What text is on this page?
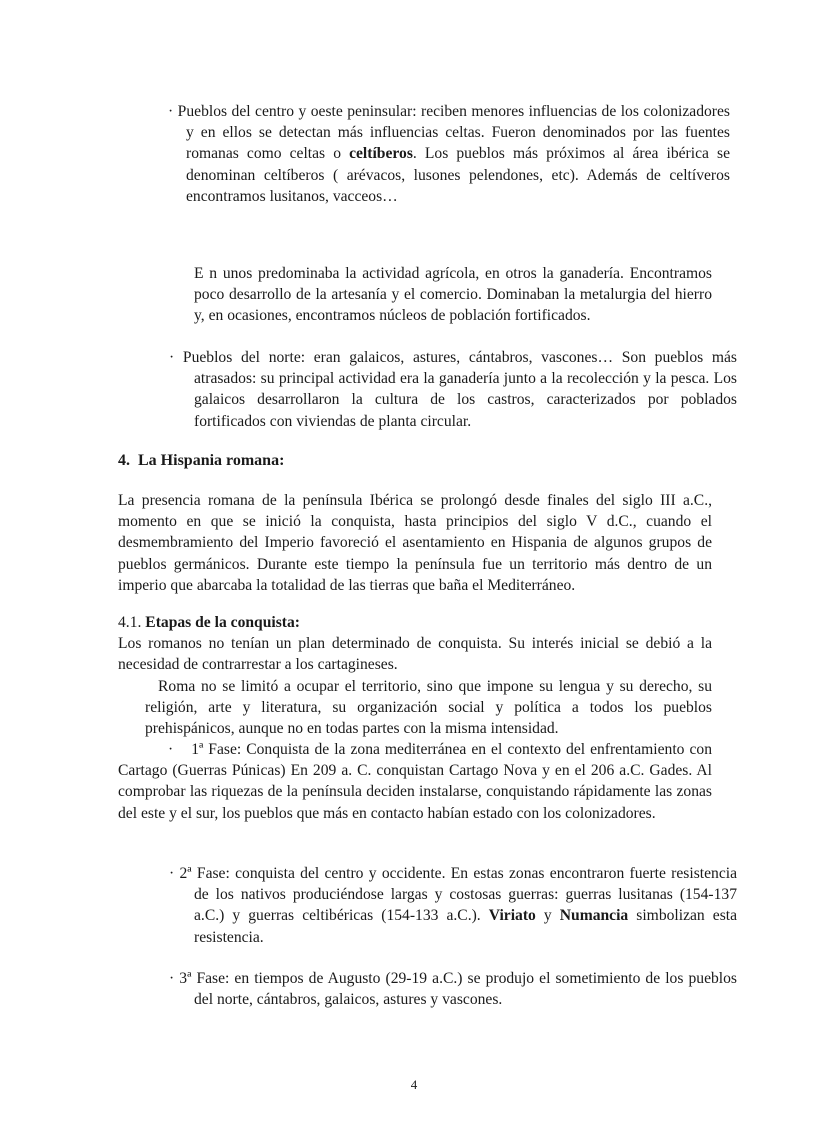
· Pueblos del centro y oeste peninsular: reciben menores influencias de los colonizadores y en ellos se detectan más influencias celtas. Fueron denominados por las fuentes romanas como celtas o celtíberos. Los pueblos más próximos al área ibérica se denominan celtíberos ( arévacos, lusones pelendones, etc). Además de celtíveros encontramos lusitanos, vacceos…
E n unos predominaba la actividad agrícola, en otros la ganadería. Encontramos poco desarrollo de la artesanía y el comercio. Dominaban la metalurgia del hierro y, en ocasiones, encontramos núcleos de población fortificados.
· Pueblos del norte: eran galaicos, astures, cántabros, vascones… Son pueblos más atrasados: su principal actividad era la ganadería junto a la recolección y la pesca. Los galaicos desarrollaron la cultura de los castros, caracterizados por poblados fortificados con viviendas de planta circular.
4.  La Hispania romana:
La presencia romana de la península Ibérica se prolongó desde finales del siglo III a.C., momento en que se inició la conquista, hasta principios del siglo V d.C., cuando el desmembramiento del Imperio favoreció el asentamiento en Hispania de algunos grupos de pueblos germánicos. Durante este tiempo la península fue un territorio más dentro de un imperio que abarcaba la totalidad de las tierras que baña el Mediterráneo.
4.1. Etapas de la conquista:
Los romanos no tenían un plan determinado de conquista. Su interés inicial se debió a la necesidad de contrarrestar a los cartagineses.
Roma no se limitó a ocupar el territorio, sino que impone su lengua y su derecho, su religión, arte y literatura, su organización social y política a todos los pueblos prehispánicos, aunque no en todas partes con la misma intensidad.
· 1ª Fase: Conquista de la zona mediterránea en el contexto del enfrentamiento con Cartago (Guerras Púnicas) En 209 a. C. conquistan Cartago Nova y en el 206 a.C. Gades. Al comprobar las riquezas de la península deciden instalarse, conquistando rápidamente las zonas del este y el sur, los pueblos que más en contacto habían estado con los colonizadores.
· 2ª Fase: conquista del centro y occidente. En estas zonas encontraron fuerte resistencia de los nativos produciéndose largas y costosas guerras: guerras lusitanas (154-137 a.C.) y guerras celtibéricas (154-133 a.C.). Viriato y Numancia simbolizan esta resistencia.
· 3ª Fase: en tiempos de Augusto (29-19 a.C.) se produjo el sometimiento de los pueblos del norte, cántabros, galaicos, astures y vascones.
4
